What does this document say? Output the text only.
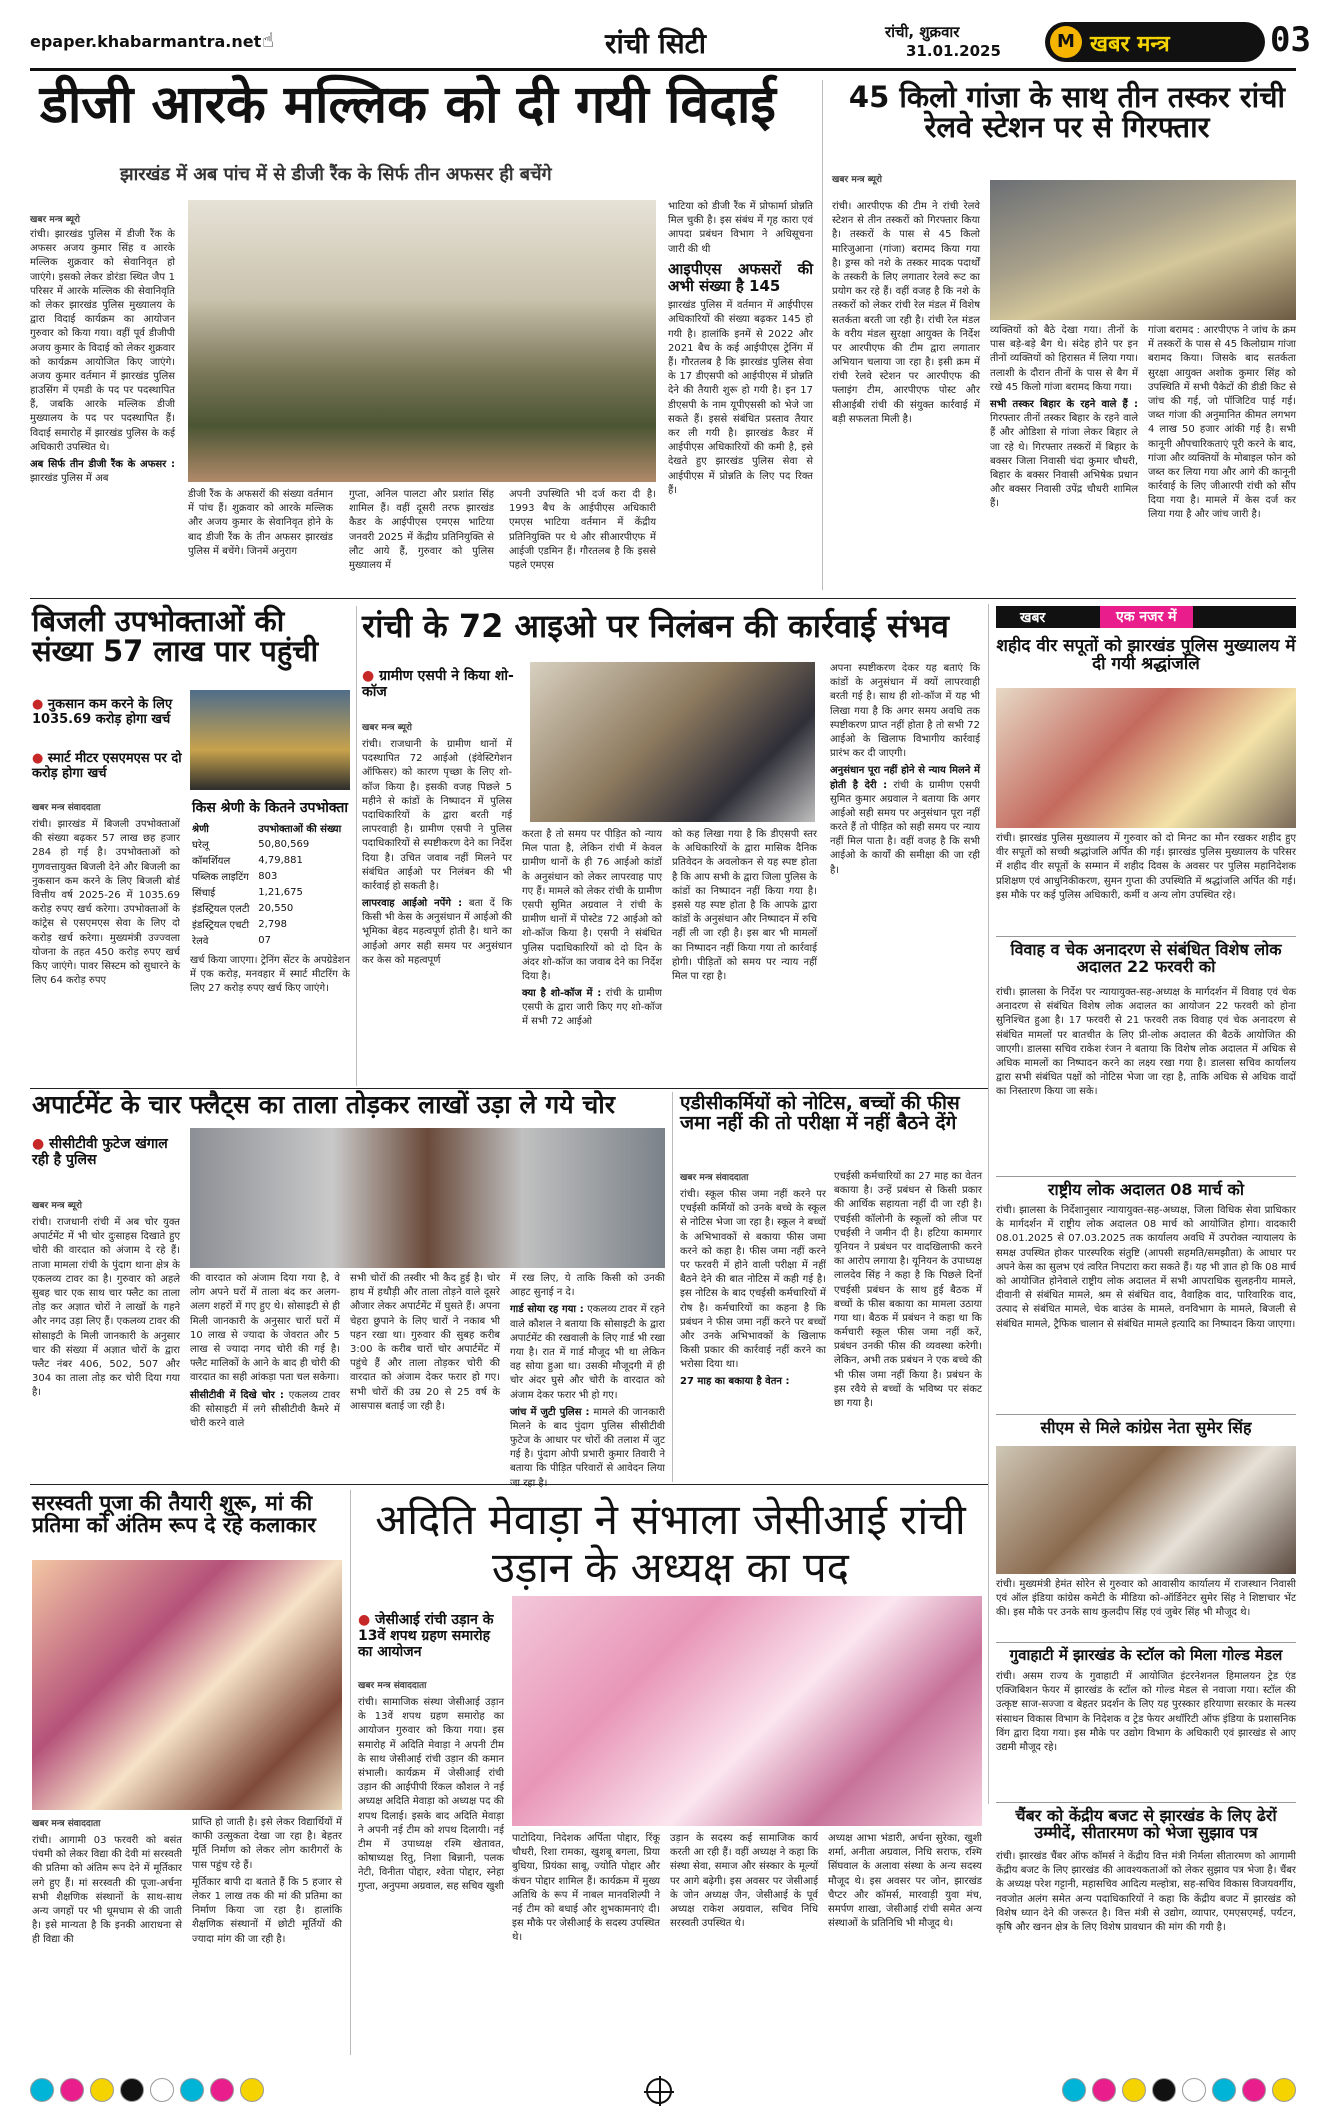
epaper.khabarmantra.net ☝	रांची सिटी	रांची, शुक्रवार
31.01.2025	M खबर मन्त्र	03
डीजी आरके मल्लिक को दी गयी विदाई
झारखंड में अब पांच में से डीजी रैंक के सिर्फ तीन अफसर ही बचेंगे
खबर मन्त्र ब्यूरो

रांची। झारखंड पुलिस में डीजी रैंक के अफसर अजय कुमार सिंह व आरके मल्लिक शुक्रवार को सेवानिवृत हो जाएंगे। इसको लेकर डोरंडा स्थित जैप 1 परिसर में आरके मल्लिक की सेवानिवृति को लेकर झारखंड पुलिस मुख्यालय के द्वारा विदाई कार्यक्रम का आयोजन गुरुवार को किया गया। वहीं पूर्व डीजीपी अजय कुमार के विदाई को लेकर शुक्रवार को कार्यक्रम आयोजित किए जाएंगे। अजय कुमार वर्तमान में झारखंड पुलिस हाउसिंग में एमडी के पद पर पदस्थापित हैं, जबकि आरके मल्लिक डीजी मुख्यालय के पद पर पदस्थापित हैं। विदाई समारोह में झारखंड पुलिस के कई अधिकारी उपस्थित थे।

अब सिर्फ तीन डीजी रैंक के अफसर : झारखंड पुलिस में अब

डीजी रैंक के अफसरों की संख्या वर्तमान में पांच हैं। शुक्रवार को आरके मल्लिक और अजय कुमार के सेवानिवृत होने के बाद डीजी रैंक के तीन अफसर झारखंड पुलिस में बचेंगे। जिनमें अनुराग
गुप्ता, अनिल पालटा और प्रशांत सिंह शामिल हैं। वहीं दूसरी तरफ झारखंड कैडर के आईपीएस एमएस भाटिया जनवरी 2025 में केंद्रीय प्रतिनियुक्ति से लौट आये हैं, गुरुवार को पुलिस मुख्यालय में
अपनी उपस्थिति भी दर्ज करा दी है। 1993 बैच के आईपीएस अधिकारी एमएस भाटिया वर्तमान में केंद्रीय प्रतिनियुक्ति पर थे और सीआरपीएफ में आईजी एडमिन हैं। गौरतलब है कि इससे पहले एमएस

भाटिया को डीजी रैंक में प्रोफार्मा प्रोन्नति मिल चुकी है। इस संबंध में गृह कारा एवं आपदा प्रबंधन विभाग ने अधिसूचना जारी की थी

आइपीएस अफसरों की अभी संख्या है 145

झारखंड पुलिस में वर्तमान में आईपीएस अधिकारियों की संख्या बढ़कर 145 हो गयी है। हालांकि इनमें से 2022 और 2021 बैच के कई आईपीएस ट्रेनिंग में हैं। गौरतलब है कि झारखंड पुलिस सेवा के 17 डीएसपी को आईपीएस में प्रोन्नति देने की तैयारी शुरू हो गयी है। इन 17 डीएसपी के नाम यूपीएससी को भेजे जा सकते हैं। इससे संबंधित प्रस्ताव तैयार कर ली गयी है। झारखंड कैडर में आईपीएस अधिकारियों की कमी है, इसे देखते हुए झारखंड पुलिस सेवा से आईपीएस में प्रोन्नति के लिए पद रिक्त हैं।

45 किलो गांजा के साथ तीन तस्कर रांची रेलवे स्टेशन पर से गिरफ्तार
खबर मन्त्र ब्यूरो
रांची। आरपीएफ की टीम ने रांची रेलवे स्टेशन से तीन तस्करों को गिरफ्तार किया है। तस्करों के पास से 45 किलो मारिजुआना (गांजा) बरामद किया गया है। ड्रग्स को नशे के तस्कर मादक पदार्थों के तस्करी के लिए लगातार रेलवे रूट का प्रयोग कर रहे हैं। वहीं वजह है कि नशे के तस्करों को लेकर रांची रेल मंडल में विशेष सतर्कता बरती जा रही है। रांची रेल मंडल के वरीय मंडल सुरक्षा आयुक्त के निर्देश पर आरपीएफ की टीम द्वारा लगातार अभियान चलाया जा रहा है। इसी क्रम में रांची रेलवे स्टेशन पर आरपीएफ की फ्लाइंग टीम, आरपीएफ पोस्ट और सीआईबी रांची की संयुक्त कार्रवाई में बड़ी सफलता मिली है।

व्यक्तियों को बैठे देखा गया। तीनों के पास बड़े-बड़े बैग थे। संदेह होने पर इन तीनों व्यक्तियों को हिरासत में लिया गया। तलाशी के दौरान तीनों के पास से बैग में रखे 45 किलो गांजा बरामद किया गया।

सभी तस्कर बिहार के रहने वाले हैं : गिरफ्तार तीनों तस्कर बिहार के रहने वाले हैं और ओडिशा से गांजा लेकर बिहार ले जा रहे थे। गिरफ्तार तस्करों में बिहार के बक्सर जिला निवासी चंदा कुमार चौधरी, बिहार के बक्सर निवासी अभिषेक प्रधान और बक्सर निवासी उपेंद्र चौधरी शामिल हैं।

गांजा बरामद : आरपीएफ ने जांच के क्रम में तस्करों के पास से 45 किलोग्राम गांजा बरामद किया। जिसके बाद सतर्कता सुरक्षा आयुक्त अशोक कुमार सिंह को उपस्थिति में सभी पैकेटों की डीडी किट से जांच की गई, जो पॉजिटिव पाई गई। जब्त गांजा की अनुमानित कीमत लगभग 4 लाख 50 हजार आंकी गई है। सभी कानूनी औपचारिकताएं पूरी करने के बाद, गांजा और व्यक्तियों के मोबाइल फोन को जब्त कर लिया गया और आगे की कानूनी कार्रवाई के लिए जीआरपी रांची को सौंप दिया गया है। मामले में केस दर्ज कर लिया गया है और जांच जारी है।
बिजली उपभोक्ताओं की संख्या 57 लाख पार पहुंची
● नुकसान कम करने के लिए 1035.69 करोड़ होगा खर्च
● स्मार्ट मीटर एसएमएस पर दो करोड़ होगा खर्च
खबर मन्त्र संवाददाता
रांची। झारखंड में बिजली उपभोक्ताओं की संख्या बढ़कर 57 लाख छह हजार 284 हो गई है। उपभोक्ताओं को गुणवत्तायुक्त बिजली देने और बिजली का नुकसान कम करने के लिए बिजली बोर्ड वित्तीय वर्ष 2025-26 में 1035.69 करोड़ रुपए खर्च करेगा। उपभोक्ताओं के कांट्रेस से एसएमएस सेवा के लिए दो करोड़ खर्च करेगा। मुख्यमंत्री उज्ज्वला योजना के तहत 450 करोड़ रुपए खर्च किए जाएंगे। पावर सिस्टम को सुधारने के लिए 64 करोड़ रुपए
किस श्रेणी के कितने उपभोक्ता
श्रेणी	उपभोक्ताओं की संख्या
घरेलू	50,80,569
कॉमर्शियल	4,79,881
पब्लिक लाइटिंग	803
सिंचाई	1,21,675
इंडस्ट्रियल एलटी	20,550
इंडस्ट्रियल एचटी	2,798
रेलवे	07
खर्च किया जाएगा। ट्रेनिंग सेंटर के अपग्रेडेशन में एक करोड़, मनवहार में स्मार्ट मीटरिंग के लिए 27 करोड़ रुपए खर्च किए जाएंगे।
रांची के 72 आइओ पर निलंबन की कार्रवाई संभव
● ग्रामीण एसपी ने किया शो-कॉज
खबर मन्त्र ब्यूरो

रांची। राजधानी के ग्रामीण थानों में पदस्थापित 72 आईओ (इंवेस्टिगेशन ऑफिसर) को कारण पृच्छा के लिए शो-कॉज किया है। इसकी वजह पिछले 5 महीने से कांडों के निष्पादन में पुलिस पदाधिकारियों के द्वारा बरती गई लापरवाही है। ग्रामीण एसपी ने पुलिस पदाधिकारियों से स्पष्टीकरण देने का निर्देश दिया है। उचित जवाब नहीं मिलने पर संबंधित आईओ पर निलंबन की भी कार्रवाई हो सकती है।

लापरवाह आईओ नपेंगे : बता दें कि किसी भी केस के अनुसंधान में आईओ की भूमिका बेहद महत्वपूर्ण होती है। थाने का आईओ अगर सही समय पर अनुसंधान कर केस को महत्वपूर्ण

करता है तो समय पर पीड़ित को न्याय मिल पाता है, लेकिन रांची में केवल ग्रामीण थानों के ही 76 आईओ कांडों के अनुसंधान को लेकर लापरवाह पाए गए हैं। मामले को लेकर रांची के ग्रामीण एसपी सुमित अग्रवाल ने रांची के ग्रामीण थानों में पोस्टेड 72 आईओ को शो-कॉज किया है। एसपी ने संबंधित पुलिस पदाधिकारियों को दो दिन के अंदर शो-कॉज का जवाब देने का निर्देश दिया है।

क्या है शो-कॉज में : रांची के ग्रामीण एसपी के द्वारा जारी किए गए शो-कॉज में सभी 72 आईओ

को कह लिखा गया है कि डीएसपी स्तर के अधिकारियों के द्वारा मासिक दैनिक प्रतिवेदन के अवलोकन से यह स्पष्ट होता है कि आप सभी के द्वारा जिला पुलिस के कांडों का निष्पादन नहीं किया गया है। इससे यह स्पष्ट होता है कि आपके द्वारा कांडों के अनुसंधान और निष्पादन में रुचि नहीं ली जा रही है। इस बार भी मामलों का निष्पादन नहीं किया गया तो कार्रवाई होगी। पीड़ितों को समय पर न्याय नहीं मिल पा रहा है।

अपना स्पष्टीकरण देकर यह बताएं कि कांडों के अनुसंधान में क्यों लापरवाही बरती गई है। साथ ही शो-कॉज में यह भी लिखा गया है कि अगर समय अवधि तक स्पष्टीकरण प्राप्त नहीं होता है तो सभी 72 आईओ के खिलाफ विभागीय कार्रवाई प्रारंभ कर दी जाएगी।

अनुसंधान पूरा नहीं होने से न्याय मिलने में होती है देरी : रांची के ग्रामीण एसपी सुमित कुमार अग्रवाल ने बताया कि अगर आईओ सही समय पर अनुसंधान पूरा नहीं करते हैं तो पीड़ित को सही समय पर न्याय नहीं मिल पाता है। वहीं वजह है कि सभी आईओ के कार्यों की समीक्षा की जा रही है।

खबर	एक नजर में
शहीद वीर सपूतों को झारखंड पुलिस मुख्यालय में दी गयी श्रद्धांजलि
रांची। झारखंड पुलिस मुख्यालय में गुरुवार को दो मिनट का मौन रखकर शहीद हुए वीर सपूतों को सच्ची श्रद्धांजलि अर्पित की गई। झारखंड पुलिस मुख्यालय के परिसर में शहीद वीर सपूतों के सम्मान में शहीद दिवस के अवसर पर पुलिस महानिदेशक प्रशिक्षण एवं आधुनिकीकरण, सुमन गुप्ता की उपस्थिति में श्रद्धांजलि अर्पित की गई। इस मौके पर कई पुलिस अधिकारी, कर्मी व अन्य लोग उपस्थित रहे।
विवाह व चेक अनादरण से संबंधित विशेष लोक अदालत 22 फरवरी को
रांची। झालसा के निर्देश पर न्यायायुक्त-सह-अध्यक्ष के मार्गदर्शन में विवाह एवं चेक अनादरण से संबंधित विशेष लोक अदालत का आयोजन 22 फरवरी को होना सुनिश्चित हुआ है। 17 फरवरी से 21 फरवरी तक विवाह एवं चेक अनादरण से संबंधित मामलों पर बातचीत के लिए प्री-लोक अदालत की बैठकें आयोजित की जाएगी। डालसा सचिव राकेश रंजन ने बताया कि विशेष लोक अदालत में अधिक से अधिक मामलों का निष्पादन करने का लक्ष्य रखा गया है। डालसा सचिव कार्यालय द्वारा सभी संबंधित पक्षों को नोटिस भेजा जा रहा है, ताकि अधिक से अधिक वादों का निस्तारण किया जा सके।
राष्ट्रीय लोक अदालत 08 मार्च को
रांची। झालसा के निर्देशानुसार न्यायायुक्त-सह-अध्यक्ष, जिला विधिक सेवा प्राधिकार के मार्गदर्शन में राष्ट्रीय लोक अदालत 08 मार्च को आयोजित होगा। वादकारी 08.01.2025 से 07.03.2025 तक कार्यालय अवधि में उपरोक्त न्यायालय के समक्ष उपस्थित होकर पारस्परिक संतुष्टि (आपसी सहमति/समझौता) के आधार पर अपने केस का सुलभ एवं त्वरित निपटारा करा सकते हैं। यह भी ज्ञात हो कि 08 मार्च को आयोजित होनेवाले राष्ट्रीय लोक अदालत में सभी आपराधिक सुलहनीय मामले, दीवानी से संबंधित मामले, श्रम से संबंधित वाद, वैवाहिक वाद, पारिवारिक वाद, उत्पाद से संबंधित मामले, चेक बाउंस के मामले, वनविभाग के मामले, बिजली से संबंधित मामले, ट्रैफिक चालान से संबंधित मामले इत्यादि का निष्पादन किया जाएगा।
सीएम से मिले कांग्रेस नेता सुमेर सिंह
रांची। मुख्यमंत्री हेमंत सोरेन से गुरुवार को आवासीय कार्यालय में राजस्थान निवासी एवं ऑल इंडिया कांग्रेस कमेटी के मीडिया को-ऑर्डिनेटर सुमेर सिंह ने शिष्टाचार भेंट की। इस मौके पर उनके साथ कुलदीप सिंह एवं जुबेर सिंह भी मौजूद थे।
गुवाहाटी में झारखंड के स्टॉल को मिला गोल्ड मेडल
रांची। असम राज्य के गुवाहाटी में आयोजित इंटरनेशनल हिमालयन ट्रेड एंड एक्जिबिशन फेयर में झारखंड के स्टॉल को गोल्ड मेडल से नवाजा गया। स्टॉल की उत्कृष्ट साज-सज्जा व बेहतर प्रदर्शन के लिए यह पुरस्कार हरियाणा सरकार के मत्स्य संसाधन विकास विभाग के निदेशक व ट्रेड फेयर अथॉरिटी ऑफ इंडिया के प्रशासनिक विंग द्वारा दिया गया। इस मौके पर उद्योग विभाग के अधिकारी एवं झारखंड से आए उद्यमी मौजूद रहे।
चैंबर को केंद्रीय बजट से झारखंड के लिए ढेरों उम्मीदें, सीतारमण को भेजा सुझाव पत्र
रांची। झारखंड चैंबर ऑफ कॉमर्स ने केंद्रीय वित्त मंत्री निर्मला सीतारमण को आगामी केंद्रीय बजट के लिए झारखंड की आवश्यकताओं को लेकर सुझाव पत्र भेजा है। चैंबर के अध्यक्ष परेश गट्टानी, महासचिव आदित्य मल्होत्रा, सह-सचिव विकास विजयवर्गीय, नवजोत अलंग समेत अन्य पदाधिकारियों ने कहा कि केंद्रीय बजट में झारखंड को विशेष ध्यान देने की जरूरत है। वित्त मंत्री से उद्योग, व्यापार, एमएसएमई, पर्यटन, कृषि और खनन क्षेत्र के लिए विशेष प्रावधान की मांग की गयी है।
अपार्टमेंट के चार फ्लैट्स का ताला तोड़कर लाखों उड़ा ले गये चोर
● सीसीटीवी फुटेज खंगाल रही है पुलिस
खबर मन्त्र ब्यूरो
रांची। राजधानी रांची में अब चोर युक्त अपार्टमेंट में भी चोर दुःसाहस दिखाते हुए चोरी की वारदात को अंजाम दे रहे हैं। ताजा मामला रांची के पुंदाग थाना क्षेत्र के एकलव्य टावर का है। गुरुवार को अहले सुबह चार एक साथ चार फ्लैट का ताला तोड़ कर अज्ञात चोरों ने लाखों के गहने और नगद उड़ा लिए हैं। एकलव्य टावर की सोसाइटी के मिली जानकारी के अनुसार चार की संख्या में अज्ञात चोरों के द्वारा फ्लैट नंबर 406, 502, 507 और 304 का ताला तोड़ कर चोरी दिया गया है।

की वारदात को अंजाम दिया गया है, वे लोग अपने घरों में ताला बंद कर अलग-अलग शहरों में गए हुए थे। सोसाइटी से ही मिली जानकारी के अनुसार चारों घरों में 10 लाख से ज्यादा के जेवरात और 5 लाख से ज्यादा नगद चोरी की गई है। फ्लैट मालिकों के आने के बाद ही चोरी की वारदात का सही आंकड़ा पता चल सकेगा।

सीसीटीवी में दिखे चोर : एकलव्य टावर की सोसाइटी में लगे सीसीटीवी कैमरे में चोरी करने वाले

सभी चोरों की तस्वीर भी कैद हुई है। चोर हाथ में हथौड़ी और ताला तोड़ने वाले दूसरे औजार लेकर अपार्टमेंट में घुसते हैं। अपना चेहरा छुपाने के लिए चारों ने नकाब भी पहन रखा था। गुरुवार की सुबह करीब 3:00 के करीब चारों चोर अपार्टमेंट में पहुंचे हैं और ताला तोड़कर चोरी की वारदात को अंजाम देकर फरार हो गए। सभी चोरों की उम्र 20 से 25 वर्ष के आसपास बताई जा रही है।

में रख लिए, ये ताकि किसी को उनकी आहट सुनाई न दे।

गार्ड सोया रह गया : एकलव्य टावर में रहने वाले कौशल ने बताया कि सोसाइटी के द्वारा अपार्टमेंट की रखवाली के लिए गार्ड भी रखा गया है। रात में गार्ड मौजूद भी था लेकिन वह सोया हुआ था। उसकी मौजूदगी में ही चोर अंदर घुसे और चोरी के वारदात को अंजाम देकर फरार भी हो गए।

जांच में जुटी पुलिस : मामले की जानकारी मिलने के बाद पुंदाग पुलिस सीसीटीवी फुटेज के आधार पर चोरों की तलाश में जुट गई है। पुंदाग ओपी प्रभारी कुमार तिवारी ने बताया कि पीड़ित परिवारों से आवेदन लिया

एडीसीकर्मियों को नोटिस, बच्चों की फीस जमा नहीं की तो परीक्षा में नहीं बैठने देंगे
खबर मन्त्र संवाददाता

रांची। स्कूल फीस जमा नहीं करने पर एचईसी कर्मियों को उनके बच्चे के स्कूल से नोटिस भेजा जा रहा है। स्कूल ने बच्चों के अभिभावकों से बकाया फीस जमा करने को कहा है। फीस जमा नहीं करने पर फरवरी में होने वाली परीक्षा में नहीं बैठने देने की बात नोटिस में कही गई है। इस नोटिस के बाद एचईसी कर्मचारियों में रोष है। कर्मचारियों का कहना है कि प्रबंधन ने फीस जमा नहीं करने पर बच्चों और उनके अभिभावकों के खिलाफ किसी प्रकार की कार्रवाई नहीं करने का भरोसा दिया था।

27 माह का बकाया है वेतन :

एचईसी कर्मचारियों का 27 माह का वेतन बकाया है। उन्हें प्रबंधन से किसी प्रकार की आर्थिक सहायता नहीं दी जा रही है। एचईसी कॉलोनी के स्कूलों को लीज पर एचईसी ने जमीन दी है। हटिया कामगार यूनियन ने प्रबंधन पर वादखिलाफी करने का आरोप लगाया है। यूनियन के उपाध्यक्ष लालदेव सिंह ने कहा है कि पिछले दिनों एचईसी प्रबंधन के साथ हुई बैठक में बच्चों के फीस बकाया का मामला उठाया गया था। बैठक में प्रबंधन ने कहा था कि कर्मचारी स्कूल फीस जमा नहीं करें, प्रबंधन उनकी फीस की व्यवस्था करेगी। लेकिन, अभी तक प्रबंधन ने एक बच्चे की भी फीस जमा नहीं किया है। प्रबंधन के इस रवैये से बच्चों के भविष्य पर संकट छा गया है।
सरस्वती पूजा की तैयारी शुरू, मां की प्रतिमा को अंतिम रूप दे रहे कलाकार
खबर मन्त्र संवाददाता
रांची। आगामी 03 फरवरी को बसंत पंचमी को लेकर विद्या की देवी मां सरस्वती की प्रतिमा को अंतिम रूप देने में मूर्तिकार लगे हुए हैं। मां सरस्वती की पूजा-अर्चना सभी शैक्षणिक संस्थानों के साथ-साथ अन्य जगहों पर भी धूमधाम से की जाती है। इसे मान्यता है कि इनकी आराधना से ही विद्या की

प्राप्ति हो जाती है। इसे लेकर विद्यार्थियों में काफी उत्सुकता देखा जा रहा है। बेहतर मूर्ति निर्माण को लेकर लोग कारीगरों के पास पहुंच रहे हैं।

मूर्तिकार बापी दा बताते हैं कि 5 हजार से लेकर 1 लाख तक की मां की प्रतिमा का निर्माण किया जा रहा है। हालांकि शैक्षणिक संस्थानों में छोटी मूर्तियों की ज्यादा मांग की जा रही है।

अदिति मेवाड़ा ने संभाला जेसीआई रांची उड़ान के अध्यक्ष का पद
● जेसीआई रांची उड़ान के 13वें शपथ ग्रहण समारोह का आयोजन
खबर मन्त्र संवाददाता
रांची। सामाजिक संस्था जेसीआई उड़ान के 13वें शपथ ग्रहण समारोह का आयोजन गुरुवार को किया गया। इस समारोह में अदिति मेवाड़ा ने अपनी टीम के साथ जेसीआई रांची उड़ान की कमान संभाली। कार्यक्रम में जेसीआई रांची उड़ान की आईपीपी रिंकल कौशल ने नई अध्यक्ष अदिति मेवाड़ा को अध्यक्ष पद की शपथ दिलाई। इसके बाद अदिति मेवाड़ा ने अपनी नई टीम को शपथ दिलायी। नई टीम में उपाध्यक्ष रश्मि खेतावत, कोषाध्यक्ष रितु, निशा बिन्नानी, पलक नेटी, विनीता पोद्दार, श्वेता पोद्दार, स्नेहा गुप्ता, अनुपमा अग्रवाल, सह सचिव खुशी
पाटोदिया, निदेशक अर्पिता पोद्दार, रिंकू चौधरी, रिशा रामका, खुशबू बगला, प्रिया बुधिया, प्रियंका साबू, ज्योति पोद्दार और कंचन पोद्दार शामिल हैं। कार्यक्रम में मुख्य अतिथि के रूप में नाबल मानवशिल्पी ने नई टीम को बधाई और शुभकामनाएं दी। इस मौके पर जेसीआई के सदस्य उपस्थित थे।
उड़ान के सदस्य कई सामाजिक कार्य करती आ रही हैं। वहीं अध्यक्ष ने कहा कि संस्था सेवा, समाज और संस्कार के मूल्यों पर आगे बढ़ेगी। इस अवसर पर जेसीआई के जोन अध्यक्ष जैन, जेसीआई के पूर्व अध्यक्ष राकेश अग्रवाल, सचिव निधि सरस्वती उपस्थित थे।
अध्यक्ष आभा भंडारी, अर्चना सुरेका, खुशी शर्मा, अनीता अग्रवाल, निधि सराफ, रश्मि सिंघवाल के अलावा संस्था के अन्य सदस्य मौजूद थे। इस अवसर पर जोन, झारखंड चैप्टर और कॉमर्स, मारवाड़ी युवा मंच, समर्पण शाखा, जेसीआई रांची समेत अन्य संस्थाओं के प्रतिनिधि भी मौजूद थे।
